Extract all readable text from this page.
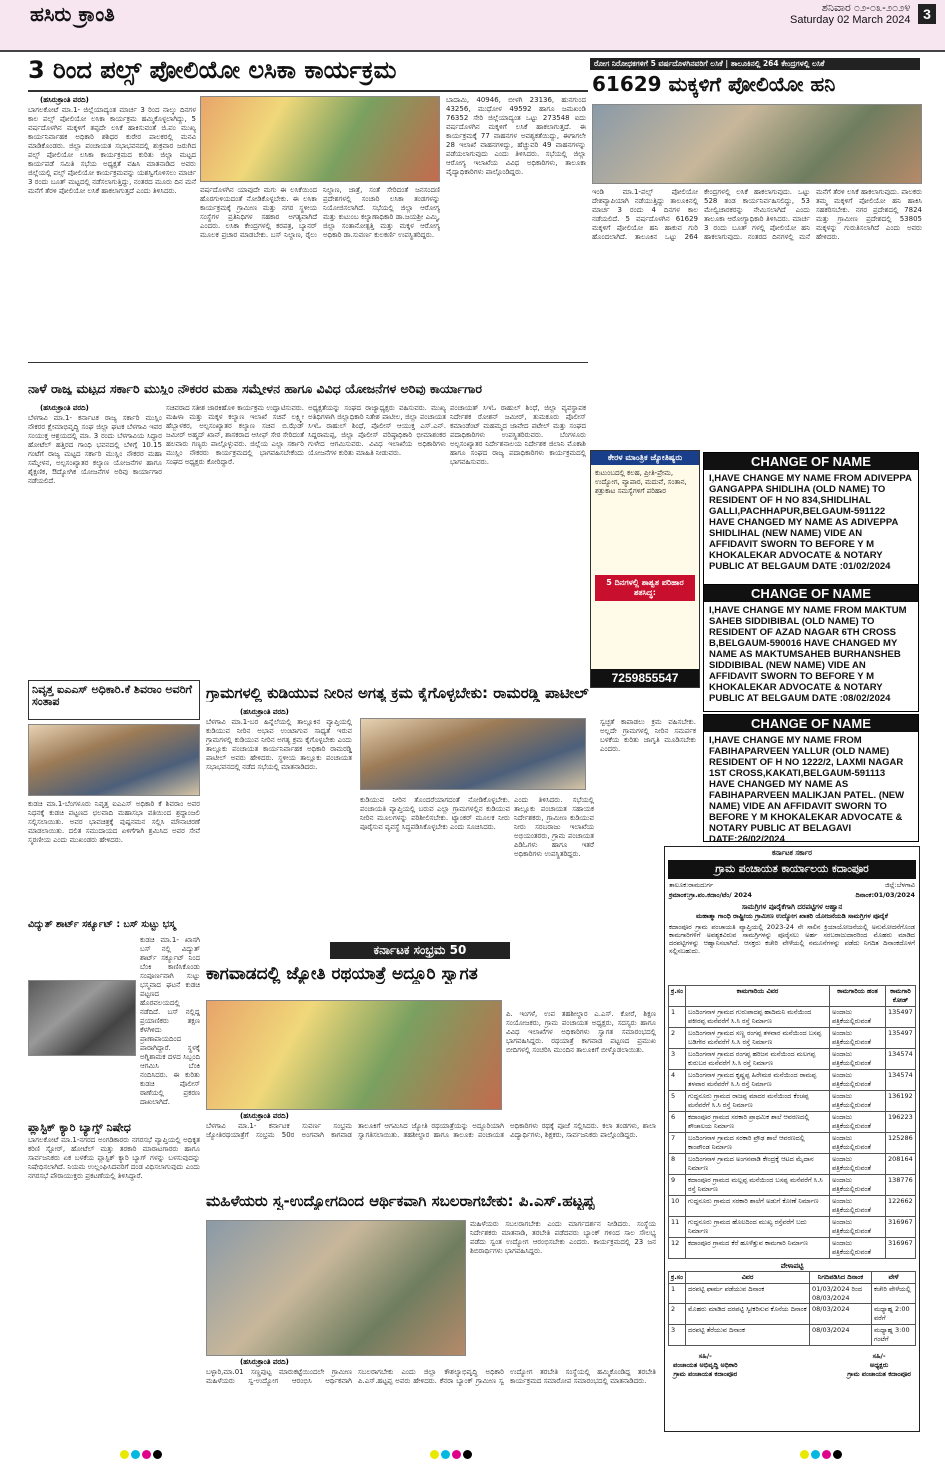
ಹಸಿರು ಕ್ರಾಂತಿ	ಶನಿವಾರ ೦೨-೦೩-೨೦೨೪
Saturday 02 March 2024 3
3 ರಿಂದ ಪಲ್ಸ್ ಪೋಲಿಯೋ ಲಸಿಕಾ ಕಾರ್ಯಕ್ರಮ
(ಹಸಿರುಕ್ರಾಂತಿ ವರದಿ)
ಬಾಗಲಕೋಟೆ ಮಾ.1- ಜಿಲ್ಲೆಯಾದ್ಯಂತ ಮಾರ್ಚ 3 ರಿಂದ ನಾಲ್ಕು ದಿನಗಳ ಕಾಲ ಪಲ್ಸ್ ಪೋಲಿಯೋ ಲಸಿಕಾ ಕಾರ್ಯಕ್ರಮ ಹಮ್ಮಿಕೊಳ್ಳಲಾಗಿದ್ದು, 5 ವರ್ಷದೊಳಗಿನ ಮಕ್ಕಳಿಗೆ ತಪ್ಪದೇ ಲಸಿಕೆ ಹಾಕಿಸುವಂತೆ ಜಿ.ಪಂ ಮುಖ್ಯ ಕಾರ್ಯನಿರ್ವಾಹಕ ಅಧಿಕಾರಿ ಶಶಿಧರ ಕುರೇರ ಪಾಲಕರಲ್ಲಿ ಮನವಿ ಮಾಡಿಕೊಂಡರು. ಜಿಲ್ಲಾ ಪಂಚಾಯತ ಸಭಾಭವನದಲ್ಲಿ ಶುಕ್ರವಾರ ಜರುಗಿದ ಪಲ್ಸ್ ಪೋಲಿಯೋ ಲಸಿಕಾ ಕಾರ್ಯಕ್ರಮದ ಕುರಿತು ಜಿಲ್ಲಾ ಮಟ್ಟದ ಕಾರ್ಯಪಡೆ ಸಮಿತಿ ಸಭೆಯ ಅಧ್ಯಕ್ಷತೆ ವಹಿಸಿ ಮಾತನಾಡಿದ ಅವರು ಜಿಲ್ಲೆಯಲ್ಲಿ ಪಲ್ಸ್ ಪೋಲಿಯೋ ಕಾರ್ಯಕ್ರಮವನ್ನು ಯಶಸ್ವಿಗೊಳಿಸಲು ಮಾರ್ಚ 3 ರಂದು ಬೂತ್ ಮಟ್ಟದಲ್ಲಿ ನಡೆಸಲಾಗುತ್ತಿದ್ದು, ನಂತರದ ಮೂರು ದಿನ ಮನೆ ಮನೆಗೆ ತೆರಳಿ ಪೋಲಿಯೋ ಲಸಿಕೆ ಹಾಕಲಾಗುತ್ತದೆ ಎಂದು ತಿಳಿಸಿದರು.	ವರ್ಷದೊಳಗಿನ ಯಾವುದೇ ಮಗು ಈ ಲಸಿಕೆಯಿಂದ ಹೊರಗುಳಿಯದಂತೆ ನೋಡಿಕೊಳ್ಳಬೇಕು. ಈ ಲಸಿಕಾ ಕಾರ್ಯಕ್ರಮಕ್ಕೆ ಗ್ರಾಮೀಣ ಮತ್ತು ನಗರ ಸ್ಥಳೀಯ ಸಂಸ್ಥೆಗಳ ಪ್ರತಿನಿಧಿಗಳ ಸಹಕಾರ ಅಗತ್ಯವಾಗಿದೆ ಎಂದರು. ಲಸಿಕಾ ಕೇಂದ್ರಗಳಲ್ಲಿ ಕರಪತ್ರ, ಬ್ಯಾನರ್ ಮೂಲಕ ಪ್ರಚಾರ ಮಾಡಬೇಕು. ಬಸ್ ನಿಲ್ದಾಣ, ರೈಲು ನಿಲ್ದಾಣ, ಜಾತ್ರೆ, ಸಂತೆ ಸೇರಿದಂತೆ ಜನಸಂದಣಿ ಪ್ರದೇಶಗಳಲ್ಲಿ ಸಂಚಾರಿ ಲಸಿಕಾ ತಂಡಗಳನ್ನು ನಿಯೋಜಿಸಲಾಗಿದೆ. ಸಭೆಯಲ್ಲಿ ಜಿಲ್ಲಾ ಆರೋಗ್ಯ ಮತ್ತು ಕುಟುಂಬ ಕಲ್ಯಾಣಾಧಿಕಾರಿ ಡಾ.ಜಯಶ್ರೀ ಎಮ್ಮಿ, ಜಿಲ್ಲಾ ಸಂತಾನೋತ್ಪತ್ತಿ ಮತ್ತು ಮಕ್ಕಳ ಆರೋಗ್ಯ ಅಧಿಕಾರಿ ಡಾ.ಸುವರ್ಣ ಕುಲಕರ್ಣಿ ಉಪಸ್ಥಿತರಿದ್ದರು.
ಬಾದಾಮಿ, 40946, ಬೀಳಗಿ 23136, ಹುನಗುಂದ 43256, ಮುಧೋಳ 49592 ಹಾಗೂ ಜಮಖಂಡಿ 76352 ಸೇರಿ ಜಿಲ್ಲೆಯಾದ್ಯಂತ ಒಟ್ಟು 273548 ಐದು ವರ್ಷದೊಳಗಿನ ಮಕ್ಕಳಿಗೆ ಲಸಿಕೆ ಹಾಕಲಾಗುತ್ತದೆ. ಈ ಕಾರ್ಯಕ್ರಮಕ್ಕೆ 77 ವಾಹನಗಳ ಅವಶ್ಯಕತೆಯಿದ್ದು, ಈಗಾಗಲೇ 28 ಇಲಾಖೆ ವಾಹನಗಳಿದ್ದು, ಹೆಚ್ಚುವರಿ 49 ವಾಹನಗಳನ್ನು ಪಡೆಯಲಾಗುವುದು ಎಂದು ತಿಳಿಸಿದರು. ಸಭೆಯಲ್ಲಿ ಜಿಲ್ಲಾ ಆರೋಗ್ಯ ಇಲಾಖೆಯ ವಿವಿಧ ಅಧಿಕಾರಿಗಳು, ತಾಲೂಕಾ ವೈದ್ಯಾಧಿಕಾರಿಗಳು ಪಾಲ್ಗೊಂಡಿದ್ದರು.
ರೋಗ ನಿರೋಧಕಗಳಿಗೆ 5 ವರ್ಷದೊಳಗಿನವರಿಗೆ ಲಸಿಕೆ | ತಾಲೂಕಿನಲ್ಲಿ 264 ಕೇಂದ್ರಗಳಲ್ಲಿ ಲಸಿಕೆ
61629 ಮಕ್ಕಳಿಗೆ ಪೋಲಿಯೋ ಹನಿ
ಇಂಡಿ ಮಾ.1-ಪಲ್ಸ್ ಪೋಲಿಯೋ ದೇಶವ್ಯಾಪಿಯಾಗಿ ನಡೆಯುತ್ತಿದ್ದು ತಾಲೂಕಿನಲ್ಲಿ ಮಾರ್ಚ 3 ರಂದು 4 ದಿನಗಳ ಕಾಲ ನಡೆಯಲಿದೆ. 5 ವರ್ಷದೊಳಗಿನ 61629 ಮಕ್ಕಳಿಗೆ ಪೋಲಿಯೋ ಹನಿ ಹಾಕುವ ಗುರಿ ಹೊಂದಲಾಗಿದೆ. ತಾಲೂಕಿನ ಒಟ್ಟು 264 ಕೇಂದ್ರಗಳಲ್ಲಿ ಲಸಿಕೆ ಹಾಕಲಾಗುವುದು. ಒಟ್ಟು 528 ತಂಡ ಕಾರ್ಯನಿರ್ವಹಿಸಲಿದ್ದು, 53 ಮೇಲ್ವಿಚಾರಕರನ್ನು ನೇಮಿಸಲಾಗಿದೆ ಎಂದು ತಾಲೂಕಾ ಆರೋಗ್ಯಾಧಿಕಾರಿ ತಿಳಿಸಿದರು. ಮಾರ್ಚ 3 ರಂದು ಬೂತ್ ಗಳಲ್ಲಿ ಪೋಲಿಯೋ ಹನಿ ಹಾಕಲಾಗುವುದು. ನಂತರದ ದಿನಗಳಲ್ಲಿ ಮನೆ ಮನೆಗೆ ತೆರಳಿ ಲಸಿಕೆ ಹಾಕಲಾಗುವುದು. ಪಾಲಕರು ತಮ್ಮ ಮಕ್ಕಳಿಗೆ ಪೋಲಿಯೋ ಹನಿ ಹಾಕಿಸಿ ಸಹಕರಿಸಬೇಕು. ನಗರ ಪ್ರದೇಶದಲ್ಲಿ 7824 ಮತ್ತು ಗ್ರಾಮೀಣ ಪ್ರದೇಶದಲ್ಲಿ 53805 ಮಕ್ಕಳನ್ನು ಗುರುತಿಸಲಾಗಿದೆ ಎಂದು ಅವರು ಹೇಳಿದರು.
ನಾಳೆ ರಾಜ್ಯ ಮಟ್ಟದ ಸರ್ಕಾರಿ ಮುಸ್ಲಿಂ ನೌಕರರ ಮಹಾ ಸಮ್ಮೇಳನ ಹಾಗೂ ವಿವಿಧ ಯೋಜನೆಗಳ ಅರಿವು ಕಾರ್ಯಾಗಾರ
(ಹಸಿರುಕ್ರಾಂತಿ ವರದಿ)
ಬೆಳಗಾವಿ ಮಾ.1- ಕರ್ನಾಟಕ ರಾಜ್ಯ ಸರ್ಕಾರಿ ಮುಸ್ಲಿಂ ನೌಕರರ ಕ್ಷೇಮಾಭಿವೃದ್ಧಿ ಸಂಘ ಜಿಲ್ಲಾ ಘಟಕ ಬೆಳಗಾವಿ ಇವರ ಸಂಯುಕ್ತ ಆಶ್ರಯದಲ್ಲಿ ಮಾ. 3 ರಂದು ಬೆಳಗಾವಿಯ ಸಿದ್ಧಾರ ಹೋಟೆಲ್ ಹತ್ತಿರದ ಗಾಂಧಿ ಭವನದಲ್ಲಿ ಬೆಳಿಗ್ಗೆ 10.15 ಗಂಟೆಗೆ ರಾಜ್ಯ ಮಟ್ಟದ ಸರ್ಕಾರಿ ಮುಸ್ಲಿಂ ನೌಕರರ ಮಹಾ ಸಮ್ಮೇಳನ, ಅಲ್ಪಸಂಖ್ಯಾತರ ಕಲ್ಯಾಣ ಯೋಜನೆಗಳ ಹಾಗೂ ಶೈಕ್ಷಣಿಕ, ಔದ್ಯೋಗಿಕ ಯೋಜನೆಗಳ ಅರಿವು ಕಾರ್ಯಾಗಾರ ನಡೆಯಲಿದೆ.
ಸಚಿವರಾದ ಸತೀಶ ಜಾರಕಿಹೊಳಿ ಕಾರ್ಯಕ್ರಮ ಉದ್ಘಾಟಿಸುವರು. ಮಹಿಳಾ ಮತ್ತು ಮಕ್ಕಳ ಕಲ್ಯಾಣ ಇಲಾಖೆ ಸಚಿವೆ ಲಕ್ಷ್ಮೀ ಹೆಬ್ಬಾಳಕರ, ಅಲ್ಪಸಂಖ್ಯಾತರ ಕಲ್ಯಾಣ ಸಚಿವ ಬಿ.ಝೆಡ್ ಜಮೀರ್ ಅಹ್ಮದ್ ಖಾನ್, ಶಾಸಕರಾದ ಆಸೀಫ್ ಸೇಠ ಸೇರಿದಂತೆ ಹಲವಾರು ಗಣ್ಯರು ಪಾಲ್ಗೊಳ್ಳುವರು. ಜಿಲ್ಲೆಯ ಎಲ್ಲಾ ಸರ್ಕಾರಿ ಮುಸ್ಲಿಂ ನೌಕರರು ಕಾರ್ಯಕ್ರಮದಲ್ಲಿ ಭಾಗವಹಿಸಬೇಕೆಂದು ಸಂಘದ ಅಧ್ಯಕ್ಷರು ಕೋರಿದ್ದಾರೆ.
ಅಧ್ಯಕ್ಷತೆಯನ್ನು ಸಂಘದ ರಾಜ್ಯಾಧ್ಯಕ್ಷರು ವಹಿಸುವರು. ಮುಖ್ಯ ಅತಿಥಿಗಳಾಗಿ ಜಿಲ್ಲಾಧಿಕಾರಿ ನಿತೇಶ ಪಾಟೀಲ, ಜಿಲ್ಲಾ ಪಂಚಾಯತ ಸಿಇಓ ರಾಹುಲ್ ಶಿಂಧೆ, ಪೊಲೀಸ್ ಆಯುಕ್ತ ಎಸ್.ಎನ್. ಸಿದ್ದರಾಮಪ್ಪ, ಜಿಲ್ಲಾ ಪೊಲೀಸ್ ವರಿಷ್ಠಾಧಿಕಾರಿ ಭೀಮಾಶಂಕರ ಗುಳೇದ ಆಗಮಿಸುವರು. ವಿವಿಧ ಇಲಾಖೆಯ ಅಧಿಕಾರಿಗಳು ಯೋಜನೆಗಳ ಕುರಿತು ಮಾಹಿತಿ ನೀಡುವರು.
ಪಂಚಾಯತ್ ಸಿಇಓ ರಾಹುಲ್ ಶಿಂಧೆ, ಜಿಲ್ಲಾ ವ್ಯವಸ್ಥಾಪಕ ನಿರ್ದೇಶಕ ರೋಶನ್ ಜಮೀರ್, ತುಮಕೂರು ಪೊಲೀಸ್ ಕಮಾಂಡೆಂಟ್ ಮಹಮ್ಮದ ಜಾವೇದ ಪಟೇಲ್ ಮತ್ತು ಸಂಘದ ಪದಾಧಿಕಾರಿಗಳು ಉಪಸ್ಥಿತರಿರುವರು. ಬೆಂಗಳೂರು ಅಲ್ಪಸಂಖ್ಯಾತರ ನಿರ್ದೇಶನಾಲಯ ನಿರ್ದೇಶಕ ಜಿಲಾನಿ ಮೊಕಾಶಿ ಹಾಗೂ ಸಂಘದ ರಾಜ್ಯ ಪದಾಧಿಕಾರಿಗಳು ಕಾರ್ಯಕ್ರಮದಲ್ಲಿ ಭಾಗವಹಿಸುವರು.	ಕೇರಳ ಮಾಂತ್ರಿಕ ಜ್ಯೋತಿಷ್ಯರು
ಕುಟುಂಬದಲ್ಲಿ ಕಲಹ, ಪ್ರೀತಿ-ಪ್ರೇಮ, ಉದ್ಯೋಗ, ವ್ಯಾಪಾರ, ಮದುವೆ, ಸಂತಾನ, ಶತ್ರುಕಾಟ ಸಮಸ್ಯೆಗಳಿಗೆ ಪರಿಹಾರ
5 ದಿನಗಳಲ್ಲಿ ಶಾಶ್ವತ ಪರಿಹಾರ ಶತಸಿದ್ಧ:
7259855547
CHANGE OF NAME
I,HAVE CHANGE MY NAME FROM ADIVEPPA GANGAPPA SHIDLIHA (OLD NAME) TO RESIDENT OF H NO 834,SHIDLIHAL GALLI,PACHHAPUR,BELGAUM-591122 HAVE CHANGED MY NAME AS ADIVEPPA SHIDLIHAL (NEW NAME) VIDE AN AFFIDAVIT SWORN TO BEFORE Y M KHOKALEKAR ADVOCATE & NOTARY PUBLIC AT BELGAUM DATE :01/02/2024
CHANGE OF NAME
I,HAVE CHANGE MY NAME FROM MAKTUM SAHEB SIDDIBIBAL (OLD NAME) TO RESIDENT OF AZAD NAGAR 6TH CROSS B,BELGAUM-590016 HAVE CHANGED MY NAME AS MAKTUMSAHEB BURHANSHEB SIDDIBIBAL (NEW NAME) VIDE AN AFFIDAVIT SWORN TO BEFORE Y M KHOKALEKAR ADVOCATE & NOTARY PUBLIC AT BELGAUM DATE :08/02/2024
CHANGE OF NAME
I,HAVE CHANGE MY NAME FROM FABIHAPARVEEN YALLUR (OLD NAME) RESIDENT OF H NO 1222/2, LAXMI NAGAR 1ST CROSS,KAKATI,BELGAUM-591113 HAVE CHANGED MY NAME AS FABIHAPARVEEN MALIKJAN PATEL. (NEW NAME) VIDE AN AFFIDAVIT SWORN TO BEFORE Y M KHOKALEKAR ADVOCATE & NOTARY PUBLIC AT BELAGAVI DATE:26/02/2024
ನಿವೃತ್ತ ಐಎಎಸ್ ಅಧಿಕಾರಿ.ಕೆ ಶಿವರಾಂ ಅವರಿಗೆ ಸಂತಾಪ
ಕುಡಚಿ ಮಾ.1-ಬೆಂಗಳೂರು ನಿವೃತ್ತ ಐಎಎಸ್ ಅಧಿಕಾರಿ ಕೆ ಶಿವರಾಂ ಅವರ ನಿಧನಕ್ಕೆ ಕುಡಚಿ ಪಟ್ಟಣದ ಛಲವಾದಿ ಮಹಾಸಭಾ ವತಿಯಿಂದ ಶ್ರದ್ಧಾಂಜಲಿ ಸಲ್ಲಿಸಲಾಯಿತು. ಅವರ ಭಾವಚಿತ್ರಕ್ಕೆ ಪುಷ್ಪನಮನ ಸಲ್ಲಿಸಿ ಮೌನಾಚರಣೆ ಮಾಡಲಾಯಿತು. ದಲಿತ ಸಮುದಾಯದ ಏಳಿಗೆಗಾಗಿ ಶ್ರಮಿಸಿದ ಅವರ ಸೇವೆ ಸ್ಮರಣೀಯ ಎಂದು ಮುಖಂಡರು ಹೇಳಿದರು.
ವಿದ್ಯುತ್ ಶಾರ್ಟ್ ಸರ್ಕ್ಯೂಟ್ : ಬಸ್ ಸುಟ್ಟು ಭಸ್ಮ
ಕುಡಚಿ ಮಾ.1- ಖಾಸಗಿ ಬಸ್ ನಲ್ಲಿ ವಿದ್ಯುತ್ ಶಾರ್ಟ್ ಸರ್ಕ್ಯೂಟ್ ನಿಂದ ಬೆಂಕಿ ಕಾಣಿಸಿಕೊಂಡು ಸಂಪೂರ್ಣವಾಗಿ ಸುಟ್ಟು ಭಸ್ಮವಾದ ಘಟನೆ ಕುಡಚಿ ಪಟ್ಟಣದ ಹೊರವಲಯದಲ್ಲಿ ನಡೆದಿದೆ. ಬಸ್ ನಲ್ಲಿದ್ದ ಪ್ರಯಾಣಿಕರು ತಕ್ಷಣ ಕೆಳಗಿಳಿದು ಪ್ರಾಣಾಪಾಯದಿಂದ ಪಾರಾಗಿದ್ದಾರೆ. ಸ್ಥಳಕ್ಕೆ ಅಗ್ನಿಶಾಮಕ ದಳದ ಸಿಬ್ಬಂದಿ ಆಗಮಿಸಿ ಬೆಂಕಿ ನಂದಿಸಿದರು. ಈ ಕುರಿತು ಕುಡಚಿ ಪೊಲೀಸ್ ಠಾಣೆಯಲ್ಲಿ ಪ್ರಕರಣ ದಾಖಲಾಗಿದೆ.
ಪ್ಲಾಸ್ಟಿಕ್ ಕ್ಯಾರಿ ಬ್ಯಾಗ್ಸ್ ನಿಷೇಧ
ಬಾಗಲಕೋಟೆ ಮಾ.1-ನಗರದ ಅಂಗಡಿಕಾರರು ನಗರಸಭೆ ವ್ಯಾಪ್ತಿಯಲ್ಲಿ ಅಧಿಕೃತ ಕರಿಣಿ ಸ್ಟೋರ್, ಹೋಟೆಲ್ ಮತ್ತು ತರಕಾರಿ ಮಾರಾಟಗಾರರು ಹಾಗೂ ಸಾರ್ವಜನಿಕರು ಏಕ ಬಳಕೆಯ ಪ್ಲಾಸ್ಟಿಕ್ ಕ್ಯಾರಿ ಬ್ಯಾಗ್ ಗಳನ್ನು ಬಳಸುವುದನ್ನು ನಿಷೇಧಿಸಲಾಗಿದೆ. ನಿಯಮ ಉಲ್ಲಂಘಿಸಿದವರಿಗೆ ದಂಡ ವಿಧಿಸಲಾಗುವುದು ಎಂದು ನಗರಸಭೆ ಪೌರಾಯುಕ್ತರು ಪ್ರಕಟಣೆಯಲ್ಲಿ ತಿಳಿಸಿದ್ದಾರೆ.
ಗ್ರಾಮಗಳಲ್ಲಿ ಕುಡಿಯುವ ನೀರಿನ ಅಗತ್ಯ ಕ್ರಮ ಕೈಗೊಳ್ಳಬೇಕು: ರಾಮರಡ್ಡಿ ಪಾಟೀಲ್
(ಹಸಿರುಕ್ರಾಂತಿ ವರದಿ)
ಬೆಳಗಾವಿ ಮಾ.1-ಬರ ಹಿನ್ನೆಲೆಯಲ್ಲಿ ತಾಲ್ಲೂಕಿನ ವ್ಯಾಪ್ತಿಯಲ್ಲಿ ಕುಡಿಯುವ ನೀರಿನ ಅಭಾವ ಉಂಟಾಗುವ ಸಾಧ್ಯತೆ ಇರುವ ಗ್ರಾಮಗಳಲ್ಲಿ ಕುಡಿಯುವ ನೀರಿನ ಅಗತ್ಯ ಕ್ರಮ ಕೈಗೊಳ್ಳಬೇಕು ಎಂದು ತಾಲ್ಲೂಕು ಪಂಚಾಯತ ಕಾರ್ಯನಿರ್ವಾಹಕ ಅಧಿಕಾರಿ ರಾಮರಡ್ಡಿ ಪಾಟೀಲ್ ಅವರು ಹೇಳಿದರು. ಸ್ಥಳೀಯ ತಾಲ್ಲೂಕು ಪಂಚಾಯತ ಸಭಾಭವನದಲ್ಲಿ ನಡೆದ ಸಭೆಯಲ್ಲಿ ಮಾತನಾಡಿದರು.
ಕುಡಿಯುವ ನೀರಿನ ತೊಂದರೆಯಾಗದಂತೆ ನೋಡಿಕೊಳ್ಳಬೇಕು. ಪಂಚಾಯತಿ ವ್ಯಾಪ್ತಿಯಲ್ಲಿ ಬರುವ ಎಲ್ಲಾ ಗ್ರಾಮಗಳಲ್ಲಿನ ಕುಡಿಯುವ ನೀರಿನ ಮೂಲಗಳನ್ನು ಪರಿಶೀಲಿಸಬೇಕು. ಟ್ಯಾಂಕರ್ ಮೂಲಕ ನೀರು ಪೂರೈಸುವ ವ್ಯವಸ್ಥೆ ಸಿದ್ಧಪಡಿಸಿಕೊಳ್ಳಬೇಕು ಎಂದು ಸೂಚಿಸಿದರು.
ಎಂದು ತಿಳಿಸಿದರು. ಸಭೆಯಲ್ಲಿ ತಾಲ್ಲೂಕು ಪಂಚಾಯತ ಸಹಾಯಕ ನಿರ್ದೇಶಕರು, ಗ್ರಾಮೀಣ ಕುಡಿಯುವ ನೀರು ಸರಬರಾಜು ಇಲಾಖೆಯ ಅಭಿಯಂತರರು, ಗ್ರಾಮ ಪಂಚಾಯತ ಪಿಡಿಓಗಳು ಹಾಗೂ ಇತರೆ ಅಧಿಕಾರಿಗಳು ಉಪಸ್ಥಿತರಿದ್ದರು.
ಸ್ವಚ್ಛತೆ ಕಾಪಾಡಲು ಕ್ರಮ ವಹಿಸಬೇಕು. ಅಲ್ಲದೇ ಗ್ರಾಮಗಳಲ್ಲಿ ನೀರಿನ ಸಮರ್ಪಕ ಬಳಕೆಯ ಕುರಿತು ಜಾಗೃತಿ ಮೂಡಿಸಬೇಕು ಎಂದರು.
ಕರ್ನಾಟಕ ಸಂಭ್ರಮ 50
ಕಾಗವಾಡದಲ್ಲಿ ಜ್ಯೋತಿ ರಥಯಾತ್ರೆ ಅದ್ದೂರಿ ಸ್ವಾಗತ
(ಹಸಿರುಕ್ರಾಂತಿ ವರದಿ)
ಬೆಳಗಾವಿ ಮಾ.1- ಕರ್ನಾಟಕ ಸುವರ್ಣ ಸಂಭ್ರಮ ಜ್ಯೋತಿರಥಯಾತ್ರೆಗೆ ಸಂಭ್ರಮ 50ರ ಅಂಗವಾಗಿ ಕಾಗವಾಡ ತಾಲೂಕಿಗೆ ಆಗಮಿಸಿದ ಜ್ಯೋತಿ ರಥಯಾತ್ರೆಯನ್ನು ಅದ್ದೂರಿಯಾಗಿ ಸ್ವಾಗತಿಸಲಾಯಿತು. ತಹಶೀಲ್ದಾರ ಹಾಗೂ ತಾಲೂಕು ಪಂಚಾಯತ ಅಧಿಕಾರಿಗಳು ರಥಕ್ಕೆ ಪೂಜೆ ಸಲ್ಲಿಸಿದರು. ಕಲಾ ತಂಡಗಳು, ಶಾಲಾ ವಿದ್ಯಾರ್ಥಿಗಳು, ಶಿಕ್ಷಕರು, ಸಾರ್ವಜನಿಕರು ಪಾಲ್ಗೊಂಡಿದ್ದರು.
ಪಿ. ಇಂಗಳೆ, ಉಪ ತಹಶೀಲ್ದಾರ ಎ.ಎಸ್. ಕೋರೆ, ಶಿಕ್ಷಣ ಸಂಯೋಜಕರು, ಗ್ರಾಮ ಪಂಚಾಯತ ಅಧ್ಯಕ್ಷರು, ಸದಸ್ಯರು ಹಾಗೂ ವಿವಿಧ ಇಲಾಖೆಗಳ ಅಧಿಕಾರಿಗಳು ಸ್ವಾಗತ ಸಮಾರಂಭದಲ್ಲಿ ಭಾಗವಹಿಸಿದ್ದರು. ರಥಯಾತ್ರೆ ಕಾಗವಾಡ ಪಟ್ಟಣದ ಪ್ರಮುಖ ಬೀದಿಗಳಲ್ಲಿ ಸಂಚರಿಸಿ ಮುಂದಿನ ತಾಲೂಕಿಗೆ ಬೀಳ್ಕೊಡಲಾಯಿತು.
ಮಹಿಳೆಯರು ಸ್ವ-ಉದ್ಯೋಗದಿಂದ ಆರ್ಥಿಕವಾಗಿ ಸಬಲರಾಗಬೇಕು: ಪಿ.ಎಸ್.ಹಟ್ಟಪ್ಪ
(ಹಸಿರುಕ್ರಾಂತಿ ವರದಿ)
ಬಳ್ಳಾರಿ,ಮಾ.01 ಸಣ್ಣಪುಟ್ಟ ಮಾರುಕಟ್ಟೆಯಿಂದಲೇ ಗ್ರಾಮೀಣ ಮಹಿಳೆಯರು ಸ್ವ-ಉದ್ಯೋಗ ಆರಂಭಿಸಿ ಆರ್ಥಿಕವಾಗಿ ಸಬಲರಾಗಬೇಕು ಎಂದು ಜಿಲ್ಲಾ ಕೌಶಲ್ಯಾಭಿವೃದ್ಧಿ ಅಧಿಕಾರಿ ಪಿ.ಎಸ್.ಹಟ್ಟಪ್ಪ ಅವರು ಹೇಳಿದರು. ಕೆನರಾ ಬ್ಯಾಂಕ್ ಗ್ರಾಮೀಣ ಸ್ವ ಉದ್ಯೋಗ ತರಬೇತಿ ಸಂಸ್ಥೆಯಲ್ಲಿ ಹಮ್ಮಿಕೊಂಡಿದ್ದ ತರಬೇತಿ ಕಾರ್ಯಕ್ರಮದ ಸಮಾರೋಪ ಸಮಾರಂಭದಲ್ಲಿ ಮಾತನಾಡಿದರು.
ಮಹಿಳೆಯರು ಸಬಲರಾಗಬೇಕು ಎಂದು ಮಾರ್ಗದರ್ಶನ ನೀಡಿದರು. ಸಂಸ್ಥೆಯ ನಿರ್ದೇಶಕರು ಮಾತನಾಡಿ, ತರಬೇತಿ ಪಡೆದವರು ಬ್ಯಾಂಕ್ ಗಳಿಂದ ಸಾಲ ಸೌಲಭ್ಯ ಪಡೆದು ಸ್ವಂತ ಉದ್ಯೋಗ ಆರಂಭಿಸಬೇಕು ಎಂದರು. ಕಾರ್ಯಕ್ರಮದಲ್ಲಿ 23 ಜನ ಶಿಬಿರಾರ್ಥಿಗಳು ಭಾಗವಹಿಸಿದ್ದರು.
ಕರ್ನಾಟಕ ಸರ್ಕಾರ
ಗ್ರಾಮ ಪಂಚಾಯತ ಕಾರ್ಯಾಲಯ ಕದಾಂಪೂರ
ತಾಲೂಕ:ರಾಮದುರ್ಗ	ಜಿಲ್ಲೆ:ಬೆಳಗಾವಿ
ಕ್ರಮಾಂಕ:ಗ್ರಾ.ಪಂ.ಕದಾಂ/ಟೆಂ/ 2024	ದಿನಾಂಕ:01/03/2024
ಸಾಮಗ್ರಿಗಳ ಪೂರೈಕೆಗಾಗಿ ದರಪಟ್ಟಿಗಳ ಆಹ್ವಾನ
ಮಹಾತ್ಮಾ ಗಾಂಧಿ ರಾಷ್ಟ್ರೀಯ ಗ್ರಾಮೀಣ ಉದ್ಯೋಗ ಖಾತರಿ ಯೋಜನೆಯಡಿ ಸಾಮಗ್ರಿಗಳ ಪೂರೈಕೆ
ಕದಾಂಪೂರ ಗ್ರಾಮ ಪಂಚಾಯತಿ ವ್ಯಾಪ್ತಿಯಲ್ಲಿ 2023-24 ನೇ ಸಾಲಿನ ಕ್ರಿಯಾಯೋಜನೆಯಲ್ಲಿ ಅನುಮೋದನೆಗೊಂಡ ಕಾಮಗಾರಿಗಳಿಗೆ ಅವಶ್ಯಕವಿರುವ ಸಾಮಗ್ರಿಗಳನ್ನು ಪೂರೈಸಲು ಅರ್ಹ ಸರಬರಾಜುದಾರರಿಂದ ಮೊಹರು ಮಾಡಿದ ದರಪಟ್ಟಿಗಳನ್ನು ಆಹ್ವಾನಿಸಲಾಗಿದೆ. ಆಸಕ್ತರು ಕಚೇರಿ ವೇಳೆಯಲ್ಲಿ ನಮೂನೆಗಳನ್ನು ಪಡೆದು ನಿಗದಿತ ದಿನಾಂಕದೊಳಗೆ ಸಲ್ಲಿಸಬಹುದು.
ಕ್ರ.ಸಂ	ಕಾಮಗಾರಿಯ ವಿವರ	ಕಾಮಗಾರಿಯ ಹಂತ	ಕಾಮಗಾರಿ ಕೋಡ್
1	ಬಂದಿಂಗನಾಳ ಗ್ರಾಮದ ಗುರುಪಾದಪ್ಪ ಹಾದಿಮನಿ ಮನೆಯಿಂದ ಪಕೀರಪ್ಪ ಮನೆವರೆಗೆ ಸಿ.ಸಿ ರಸ್ತೆ ನಿರ್ಮಾಣ	ಅಂದಾಜು ಪತ್ರಿಕೆಯಲ್ಲಿರುವಂತೆ	135497
2	ಬಂದಿಂಗನಾಳ ಗ್ರಾಮದ ಸಣ್ಣ ರಂಗಪ್ಪ ತಳವಾರ ಮನೆಯಿಂದ ಬಸಪ್ಪ ಬಡಿಗೇರ ಮನೆವರೆಗೆ ಸಿ.ಸಿ ರಸ್ತೆ ನಿರ್ಮಾಣ	ಅಂದಾಜು ಪತ್ರಿಕೆಯಲ್ಲಿರುವಂತೆ	135497
3	ಬಂದಿಂಗನಾಳ ಗ್ರಾಮದ ರಂಗಪ್ಪ ಹರಿಜನ ಮನೆಯಿಂದ ಮಲಗಪ್ಪ ಕುರುಬರ ಮನೆವರೆಗೆ ಸಿ.ಸಿ ರಸ್ತೆ ನಿರ್ಮಾಣ	ಅಂದಾಜು ಪತ್ರಿಕೆಯಲ್ಲಿರುವಂತೆ	134574
4	ಬಂದಿಂಗನಾಳ ಗ್ರಾಮದ ಕೃಷ್ಣಪ್ಪ ಹಿರೇಮಠ ಮನೆಯಿಂದ ರಾಮಪ್ಪ ತಳವಾರ ಮನೆವರೆಗೆ ಸಿ.ಸಿ ರಸ್ತೆ ನಿರ್ಮಾಣ	ಅಂದಾಜು ಪತ್ರಿಕೆಯಲ್ಲಿರುವಂತೆ	134574
5	ಗುದ್ದನೂರು ಗ್ರಾಮದ ರಾಜಪ್ಪ ಮಾದರ ಮನೆಯಿಂದ ಕೆಂಚಪ್ಪ ಮನೆವರೆಗೆ ಸಿ.ಸಿ ರಸ್ತೆ ನಿರ್ಮಾಣ	ಅಂದಾಜು ಪತ್ರಿಕೆಯಲ್ಲಿರುವಂತೆ	136192
6	ಕದಾಂಪೂರ ಗ್ರಾಮದ ಸರಕಾರಿ ಪ್ರಾಥಮಿಕ ಶಾಲೆ ಆವರಣದಲ್ಲಿ ಶೌಚಾಲಯ ನಿರ್ಮಾಣ	ಅಂದಾಜು ಪತ್ರಿಕೆಯಲ್ಲಿರುವಂತೆ	196223
7	ಬಂದಿಂಗನಾಳ ಗ್ರಾಮದ ಸರಕಾರಿ ಪ್ರೌಢ ಶಾಲೆ ಆವರಣದಲ್ಲಿ ಕಾಂಪೌಂಡ ನಿರ್ಮಾಣ	ಅಂದಾಜು ಪತ್ರಿಕೆಯಲ್ಲಿರುವಂತೆ	125286
8	ಬಂದಿಂಗನಾಳ ಗ್ರಾಮದ ಅಂಗನವಾಡಿ ಕೇಂದ್ರಕ್ಕೆ ಆಟದ ಮೈದಾನ ನಿರ್ಮಾಣ	ಅಂದಾಜು ಪತ್ರಿಕೆಯಲ್ಲಿರುವಂತೆ	208164
9	ಕದಾಂಪೂರ ಗ್ರಾಮದ ಮಲ್ಲಪ್ಪ ಮನೆಯಿಂದ ಬಸಪ್ಪ ಮನೆವರೆಗೆ ಸಿ.ಸಿ ರಸ್ತೆ ನಿರ್ಮಾಣ	ಅಂದಾಜು ಪತ್ರಿಕೆಯಲ್ಲಿರುವಂತೆ	138776
10	ಗುದ್ದನೂರು ಗ್ರಾಮದ ಸರಕಾರಿ ಶಾಲೆಗೆ ಅಡುಗೆ ಕೋಣೆ ನಿರ್ಮಾಣ	ಅಂದಾಜು ಪತ್ರಿಕೆಯಲ್ಲಿರುವಂತೆ	122662
11	ಗುದ್ದನೂರು ಗ್ರಾಮದ ಹೊಲದಿಂದ ಮುಖ್ಯ ರಸ್ತೆವರೆಗೆ ಬದು ನಿರ್ಮಾಣ	ಅಂದಾಜು ಪತ್ರಿಕೆಯಲ್ಲಿರುವಂತೆ	316967
12	ಕದಾಂಪೂರ ಗ್ರಾಮದ ಕೆರೆ ಹೂಳೆತ್ತುವ ಕಾಮಗಾರಿ ನಿರ್ಮಾಣ	ಅಂದಾಜು ಪತ್ರಿಕೆಯಲ್ಲಿರುವಂತೆ	316967
ವೇಳಾಪಟ್ಟಿ
ಕ್ರ.ಸಂ	ವಿವರ	ನಿಗದಿಪಡಿಸಿದ ದಿನಾಂಕ	ವೇಳೆ
1	ದರಪಟ್ಟಿ ಫಾರ್ಮ ಪಡೆಯುವ ದಿನಾಂಕ	01/03/2024 ರಿಂದ 08/03/2024	ಕಚೇರಿ ವೇಳೆಯಲ್ಲಿ
2	ಮೊಹರು ಮಾಡಿದ ದರಪಟ್ಟಿ ಸ್ವೀಕರಿಸುವ ಕೊನೆಯ ದಿನಾಂಕ	08/03/2024	ಮಧ್ಯಾಹ್ನ 2:00 ವರೆಗೆ
3	ದರಪಟ್ಟಿ ತೆರೆಯುವ ದಿನಾಂಕ	08/03/2024	ಮಧ್ಯಾಹ್ನ 3:00 ಗಂಟೆಗೆ
ಸಹಿ/-
ಪಂಚಾಯತ ಅಭಿವೃದ್ಧಿ ಅಧಿಕಾರಿ
ಗ್ರಾಮ ಪಂಚಾಯತ ಕದಾಂಪೂರ
ಸಹಿ/-
ಅಧ್ಯಕ್ಷರು
ಗ್ರಾಮ ಪಂಚಾಯತ ಕದಾಂಪೂರ
